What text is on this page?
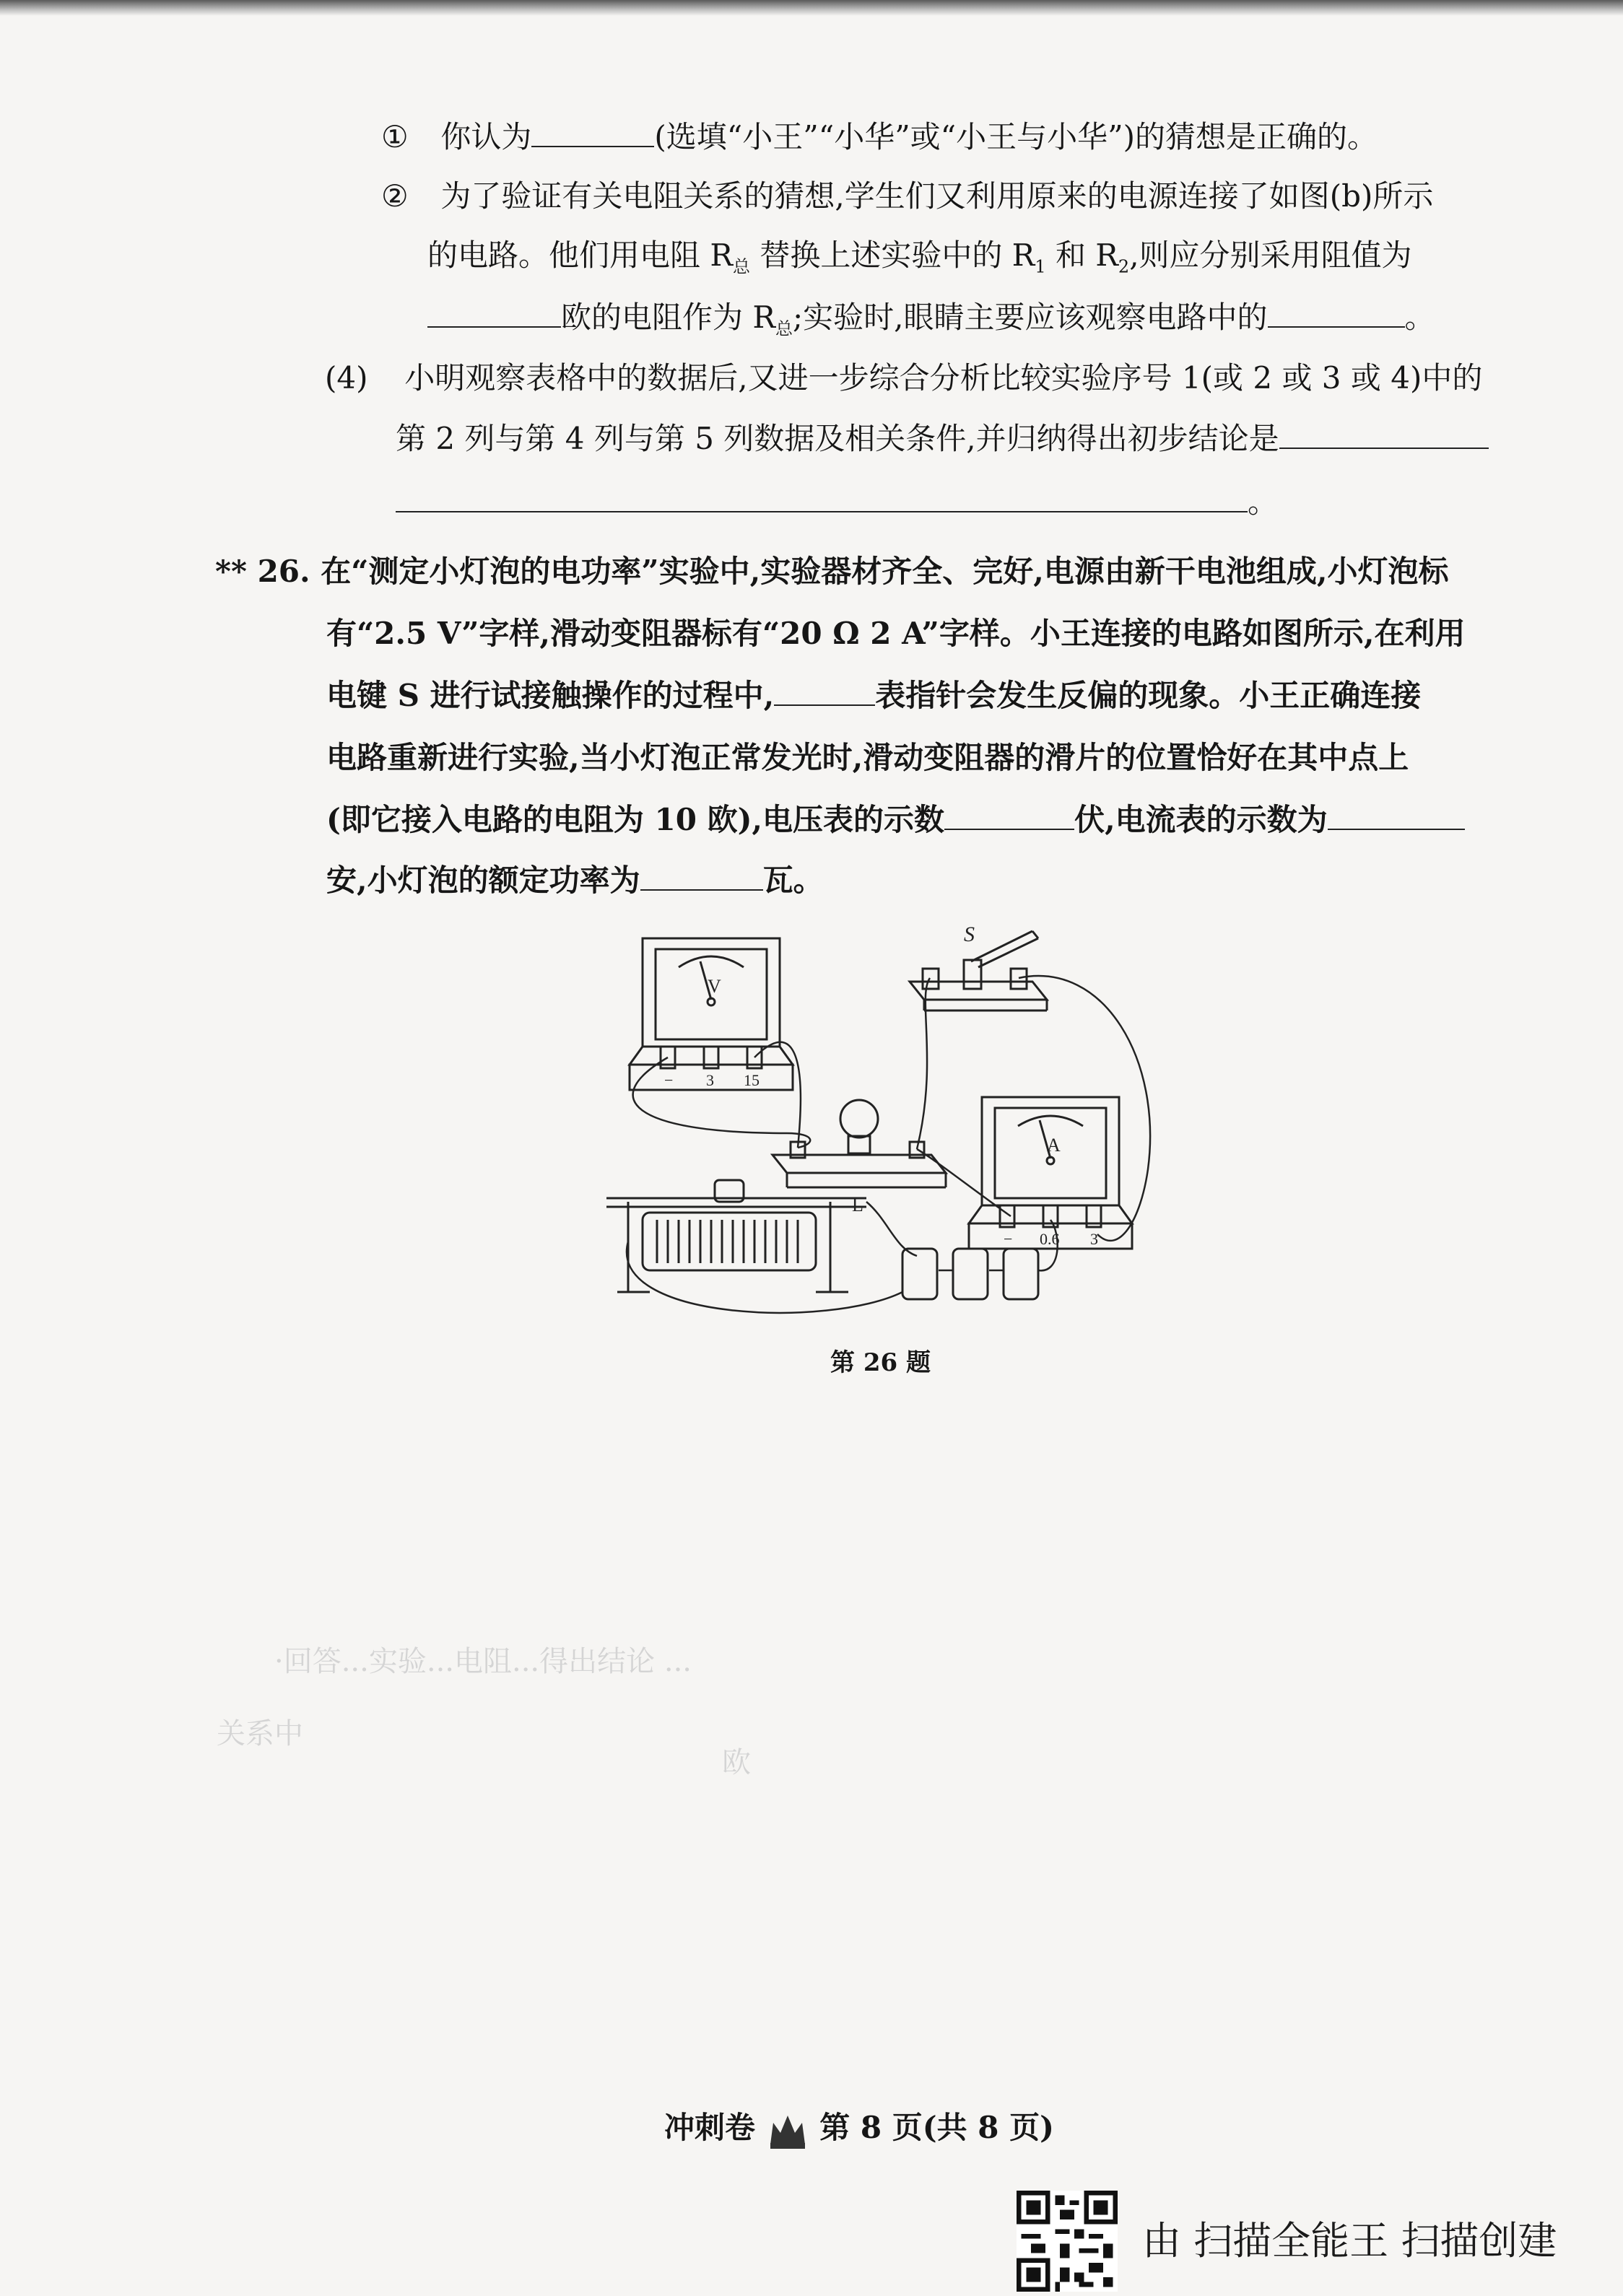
① 你认为	(选填“小王”“小华”或“小王与小华”)的猜想是正确的。
② 为了验证有关电阻关系的猜想,学生们又利用原来的电源连接了如图(b)所示
的电路。他们用电阻 $R_总$ 替换上述实验中的 $R_1$ 和 $R_2$,则应分别采用阻值为
欧的电阻作为 $R_总$;实验时,眼睛主要应该观察电路中的	。
(4) 小明观察表格中的数据后,又进一步综合分析比较实验序号 1(或 2 或 3 或 4)中的
第 2 列与第 4 列与第 5 列数据及相关条件,并归纳得出初步结论是
。
** 26. 在“测定小灯泡的电功率”实验中,实验器材齐全、完好,电源由新干电池组成,小灯泡标
有“2.5 V”字样,滑动变阻器标有“20 Ω 2 A”字样。小王连接的电路如图所示,在利用
电键 S 进行试接触操作的过程中,	表指针会发生反偏的现象。小王正确连接
电路重新进行实验,当小灯泡正常发光时,滑动变阻器的滑片的位置恰好在其中点上
(即它接入电路的电阻为 10 欧),电压表的示数	伏,电流表的示数为
安,小灯泡的额定功率为	瓦。
S
V
− 3 15
A
− 0.6 3
L
第 26 题
·回答...实验...电阻...得出结论 ...
关系中
欧
冲刺卷 第 8 页(共 8 页)
由 扫描全能王 扫描创建
